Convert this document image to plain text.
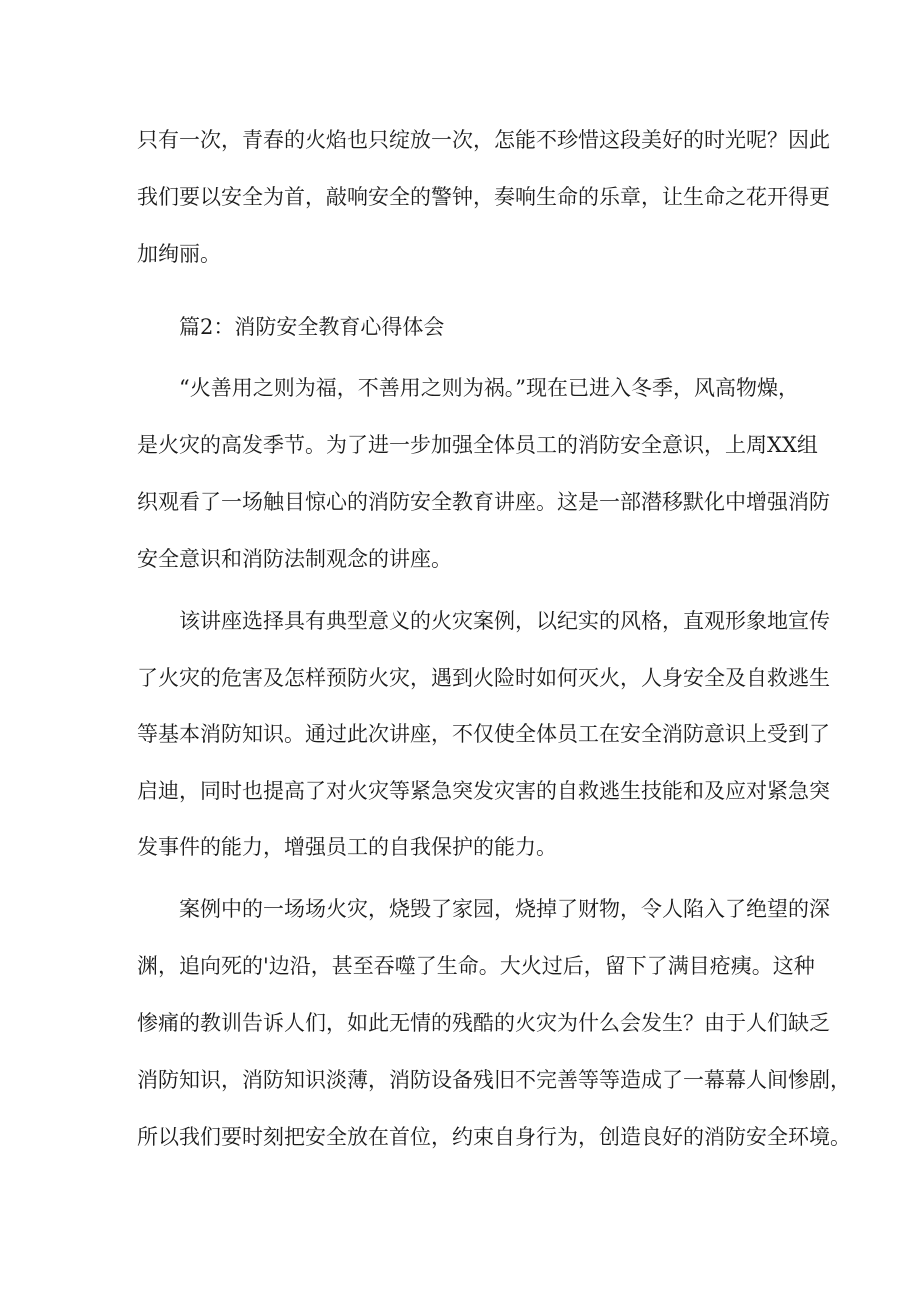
只有一次，青春的火焰也只绽放一次，怎能不珍惜这段美好的时光呢？因此

我们要以安全为首，敲响安全的警钟，奏响生命的乐章，让生命之花开得更

加绚丽。

篇2：消防安全教育心得体会

“火善用之则为福，不善用之则为祸。”现在已进入冬季，风高物燥，

是火灾的高发季节。为了进一步加强全体员工的消防安全意识，上周XX组

织观看了一场触目惊心的消防安全教育讲座。这是一部潜移默化中增强消防

安全意识和消防法制观念的讲座。

该讲座选择具有典型意义的火灾案例，以纪实的风格，直观形象地宣传

了火灾的危害及怎样预防火灾，遇到火险时如何灭火，人身安全及自救逃生

等基本消防知识。通过此次讲座，不仅使全体员工在安全消防意识上受到了

启迪，同时也提高了对火灾等紧急突发灾害的自救逃生技能和及应对紧急突

发事件的能力，增强员工的自我保护的能力。

案例中的一场场火灾，烧毁了家园，烧掉了财物，令人陷入了绝望的深

渊，追向死的'边沿，甚至吞噬了生命。大火过后，留下了满目疮痍。这种

惨痛的教训告诉人们，如此无情的残酷的火灾为什么会发生？由于人们缺乏

消防知识，消防知识淡薄，消防设备残旧不完善等等造成了一幕幕人间惨剧，

所以我们要时刻把安全放在首位，约束自身行为，创造良好的消防安全环境。
